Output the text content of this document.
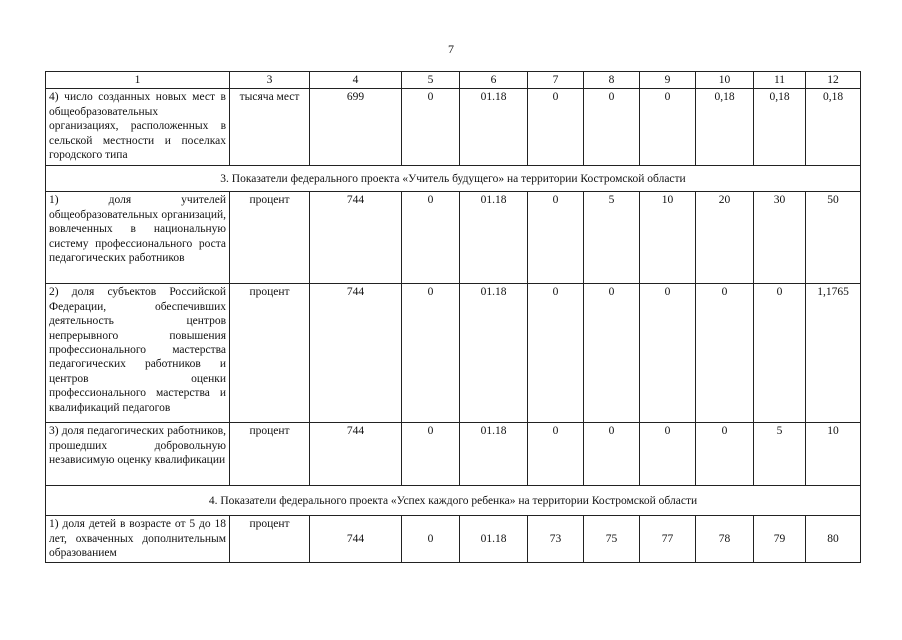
7
1	3	4	5	6	7	8	9	10	11	12
4) число созданных новых мест в общеобразовательных организациях, расположенных в сельской местности и поселках городского типа	тысяча мест	699	0	01.18	0	0	0	0,18	0,18	0,18
3. Показатели федерального проекта «Учитель будущего» на территории Костромской области										
1) доля учителей общеобразовательных организаций, вовлеченных в национальную систему профессионального роста педагогических работников	процент	744	0	01.18	0	5	10	20	30	50
2) доля субъектов Российской Федерации, обеспечивших деятельность центров непрерывного повышения профессионального мастерства педагогических работников и центров оценки профессионального мастерства и квалификаций педагогов	процент	744	0	01.18	0	0	0	0	0	1,1765
3) доля педагогических работников, прошедших добровольную независимую оценку квалификации	процент	744	0	01.18	0	0	0	0	5	10
4. Показатели федерального проекта «Успех каждого ребенка» на территории Костромской области										
1) доля детей в возрасте от 5 до 18 лет, охваченных дополнительным образованием	процент	744	0	01.18	73	75	77	78	79	80
